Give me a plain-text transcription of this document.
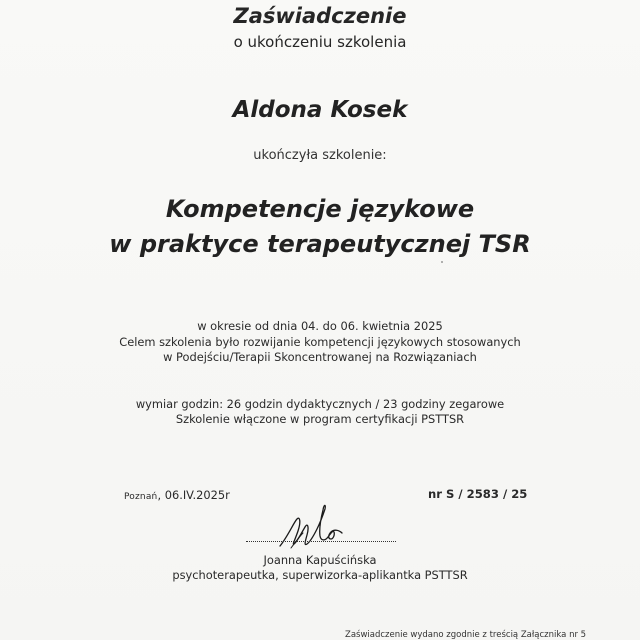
Zaświadczenie
o ukończeniu szkolenia
Aldona Kosek
ukończyła szkolenie:
Kompetencje językowe
w praktyce terapeutycznej TSR
w okresie od dnia 04. do 06. kwietnia 2025
Celem szkolenia było rozwijanie kompetencji językowych stosowanych
w Podejściu/Terapii Skoncentrowanej na Rozwiązaniach
wymiar godzin: 26 godzin dydaktycznych / 23 godziny zegarowe
Szkolenie włączone w program certyfikacji PSTTSR
Poznań, 06.IV.2025r	nr S / 2583 / 25
Joanna Kapuścińska
psychoterapeutka, superwizorka-aplikantka PSTTSR
Zaświadczenie wydano zgodnie z treścią Załącznika nr 5
